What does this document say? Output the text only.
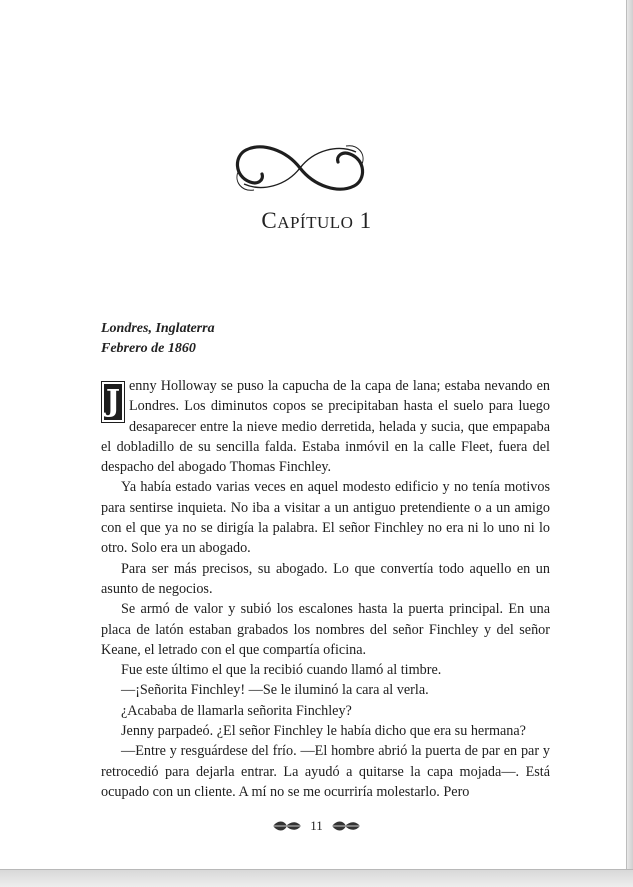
CAPÍTULO 1
Londres, Inglaterra
Febrero de 1860

J enny Holloway se puso la capucha de la capa de lana; estaba nevando en Londres. Los diminutos copos se precipitaban hasta el suelo para luego desaparecer entre la nieve medio derretida, helada y sucia, que empapaba el dobladillo de su sencilla falda. Estaba inmóvil en la calle Fleet, fuera del despacho del abogado Thomas Finchley.

Ya había estado varias veces en aquel modesto edificio y no tenía motivos para sentirse inquieta. No iba a visitar a un antiguo pretendiente o a un amigo con el que ya no se dirigía la palabra. El señor Finchley no era ni lo uno ni lo otro. Solo era un abogado.

Para ser más precisos, su abogado. Lo que convertía todo aquello en un asunto de negocios.

Se armó de valor y subió los escalones hasta la puerta principal. En una placa de latón estaban grabados los nombres del señor Finchley y del señor Keane, el letrado con el que compartía oficina.

Fue este último el que la recibió cuando llamó al timbre.

—¡Señorita Finchley! —Se le iluminó la cara al verla.

¿Acababa de llamarla señorita Finchley?

Jenny parpadeó. ¿El señor Finchley le había dicho que era su hermana?

—Entre y resguárdese del frío. —El hombre abrió la puerta de par en par y retrocedió para dejarla entrar. La ayudó a quitarse la capa mojada—. Está ocupado con un cliente. A mí no se me ocurriría molestarlo. Pero

11
